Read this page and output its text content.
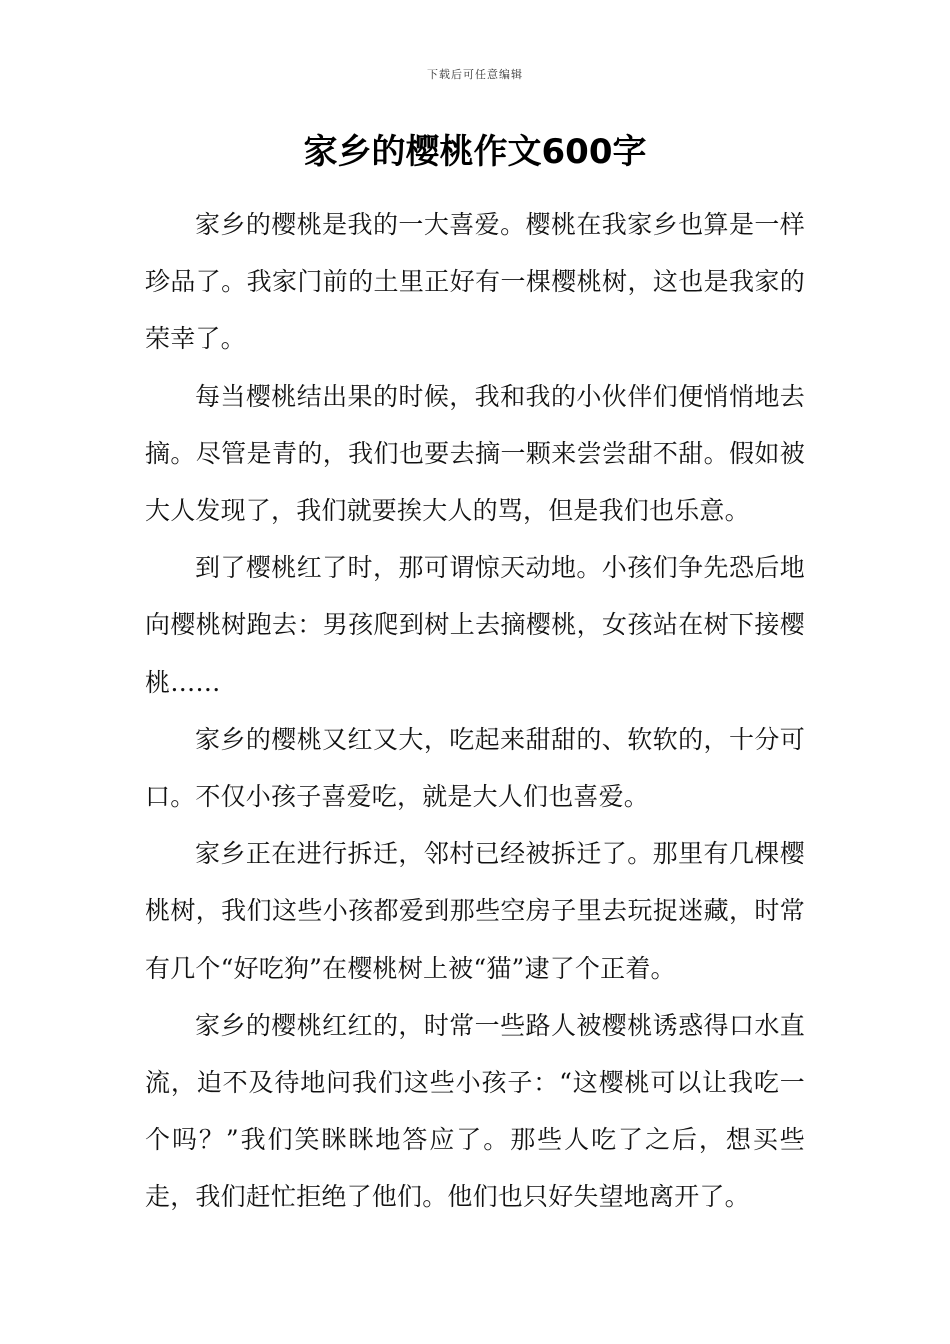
下载后可任意编辑
家乡的樱桃作文600字

家乡的樱桃是我的一大喜爱。樱桃在我家乡也算是一样珍品了。我家门前的土里正好有一棵樱桃树，这也是我家的荣幸了。

每当樱桃结出果的时候，我和我的小伙伴们便悄悄地去摘。尽管是青的，我们也要去摘一颗来尝尝甜不甜。假如被大人发现了，我们就要挨大人的骂，但是我们也乐意。

到了樱桃红了时，那可谓惊天动地。小孩们争先恐后地向樱桃树跑去：男孩爬到树上去摘樱桃，女孩站在树下接樱桃……

家乡的樱桃又红又大，吃起来甜甜的、软软的，十分可口。不仅小孩子喜爱吃，就是大人们也喜爱。

家乡正在进行拆迁，邻村已经被拆迁了。那里有几棵樱桃树，我们这些小孩都爱到那些空房子里去玩捉迷藏，时常有几个“好吃狗”在樱桃树上被“猫”逮了个正着。

家乡的樱桃红红的，时常一些路人被樱桃诱惑得口水直流，迫不及待地问我们这些小孩子：“这樱桃可以让我吃一个吗？”我们笑眯眯地答应了。那些人吃了之后，想买些走，我们赶忙拒绝了他们。他们也只好失望地离开了。
